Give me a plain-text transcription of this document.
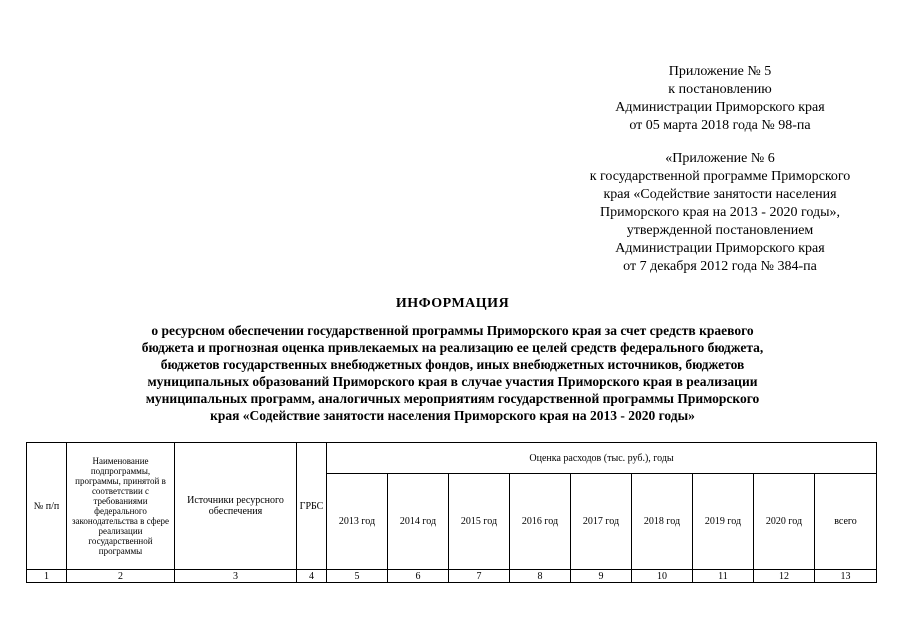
Приложение № 5
к постановлению
Администрации Приморского края
от 05 марта 2018 года № 98-па
«Приложение № 6
к государственной программе Приморского
края «Содействие занятости населения
Приморского края на 2013 - 2020 годы»,
утвержденной постановлением
Администрации Приморского края
от 7 декабря 2012 года № 384-па
ИНФОРМАЦИЯ
о ресурсном обеспечении государственной программы Приморского края за счет средств краевого
бюджета и прогнозная оценка привлекаемых на реализацию ее целей средств федерального бюджета,
бюджетов государственных внебюджетных фондов, иных внебюджетных источников, бюджетов
муниципальных образований Приморского края в случае участия Приморского края в реализации
муниципальных программ, аналогичных мероприятиям государственной программы Приморского
края «Содействие занятости населения Приморского края на 2013 - 2020 годы»
№ п/п	Наименование подпрограммы, программы, принятой в соответствии с требованиями федерального законодательства в сфере реализации государственной программы	Источники ресурсного обеспечения	ГРБС	Оценка расходов (тыс. руб.), годы								
				2013 год	2014 год	2015 год	2016 год	2017 год	2018 год	2019 год	2020 год	всего
1	2	3	4	5	6	7	8	9	10	11	12	13
